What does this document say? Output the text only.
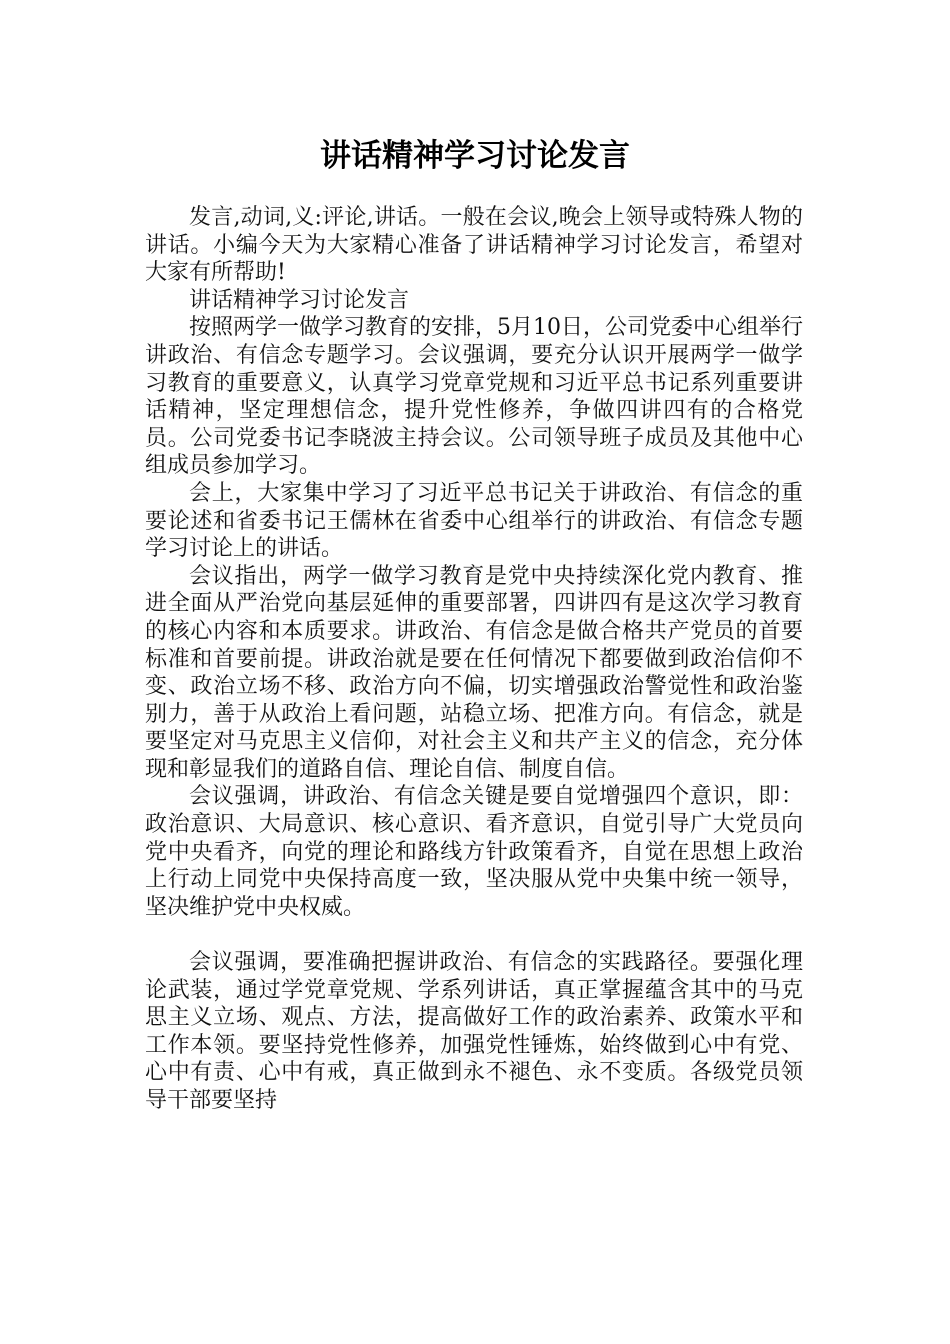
讲话精神学习讨论发言

发言,动词,义:评论,讲话。一般在会议,晚会上领导或特殊人物的讲话。小编今天为大家精心准备了讲话精神学习讨论发言，希望对大家有所帮助!

讲话精神学习讨论发言

按照两学一做学习教育的安排，5月10日，公司党委中心组举行讲政治、有信念专题学习。会议强调，要充分认识开展两学一做学习教育的重要意义，认真学习党章党规和习近平总书记系列重要讲话精神，坚定理想信念，提升党性修养，争做四讲四有的合格党员。公司党委书记李晓波主持会议。公司领导班子成员及其他中心组成员参加学习。

会上，大家集中学习了习近平总书记关于讲政治、有信念的重要论述和省委书记王儒林在省委中心组举行的讲政治、有信念专题学习讨论上的讲话。

会议指出，两学一做学习教育是党中央持续深化党内教育、推进全面从严治党向基层延伸的重要部署，四讲四有是这次学习教育的核心内容和本质要求。讲政治、有信念是做合格共产党员的首要标准和首要前提。讲政治就是要在任何情况下都要做到政治信仰不变、政治立场不移、政治方向不偏，切实增强政治警觉性和政治鉴别力，善于从政治上看问题，站稳立场、把准方向。有信念，就是要坚定对马克思主义信仰，对社会主义和共产主义的信念，充分体现和彰显我们的道路自信、理论自信、制度自信。

会议强调，讲政治、有信念关键是要自觉增强四个意识，即：政治意识、大局意识、核心意识、看齐意识，自觉引导广大党员向党中央看齐，向党的理论和路线方针政策看齐，自觉在思想上政治上行动上同党中央保持高度一致，坚决服从党中央集中统一领导，坚决维护党中央权威。

会议强调，要准确把握讲政治、有信念的实践路径。要强化理论武装，通过学党章党规、学系列讲话，真正掌握蕴含其中的马克思主义立场、观点、方法，提高做好工作的政治素养、政策水平和工作本领。要坚持党性修养，加强党性锤炼，始终做到心中有党、心中有责、心中有戒，真正做到永不褪色、永不变质。各级党员领导干部要坚持
